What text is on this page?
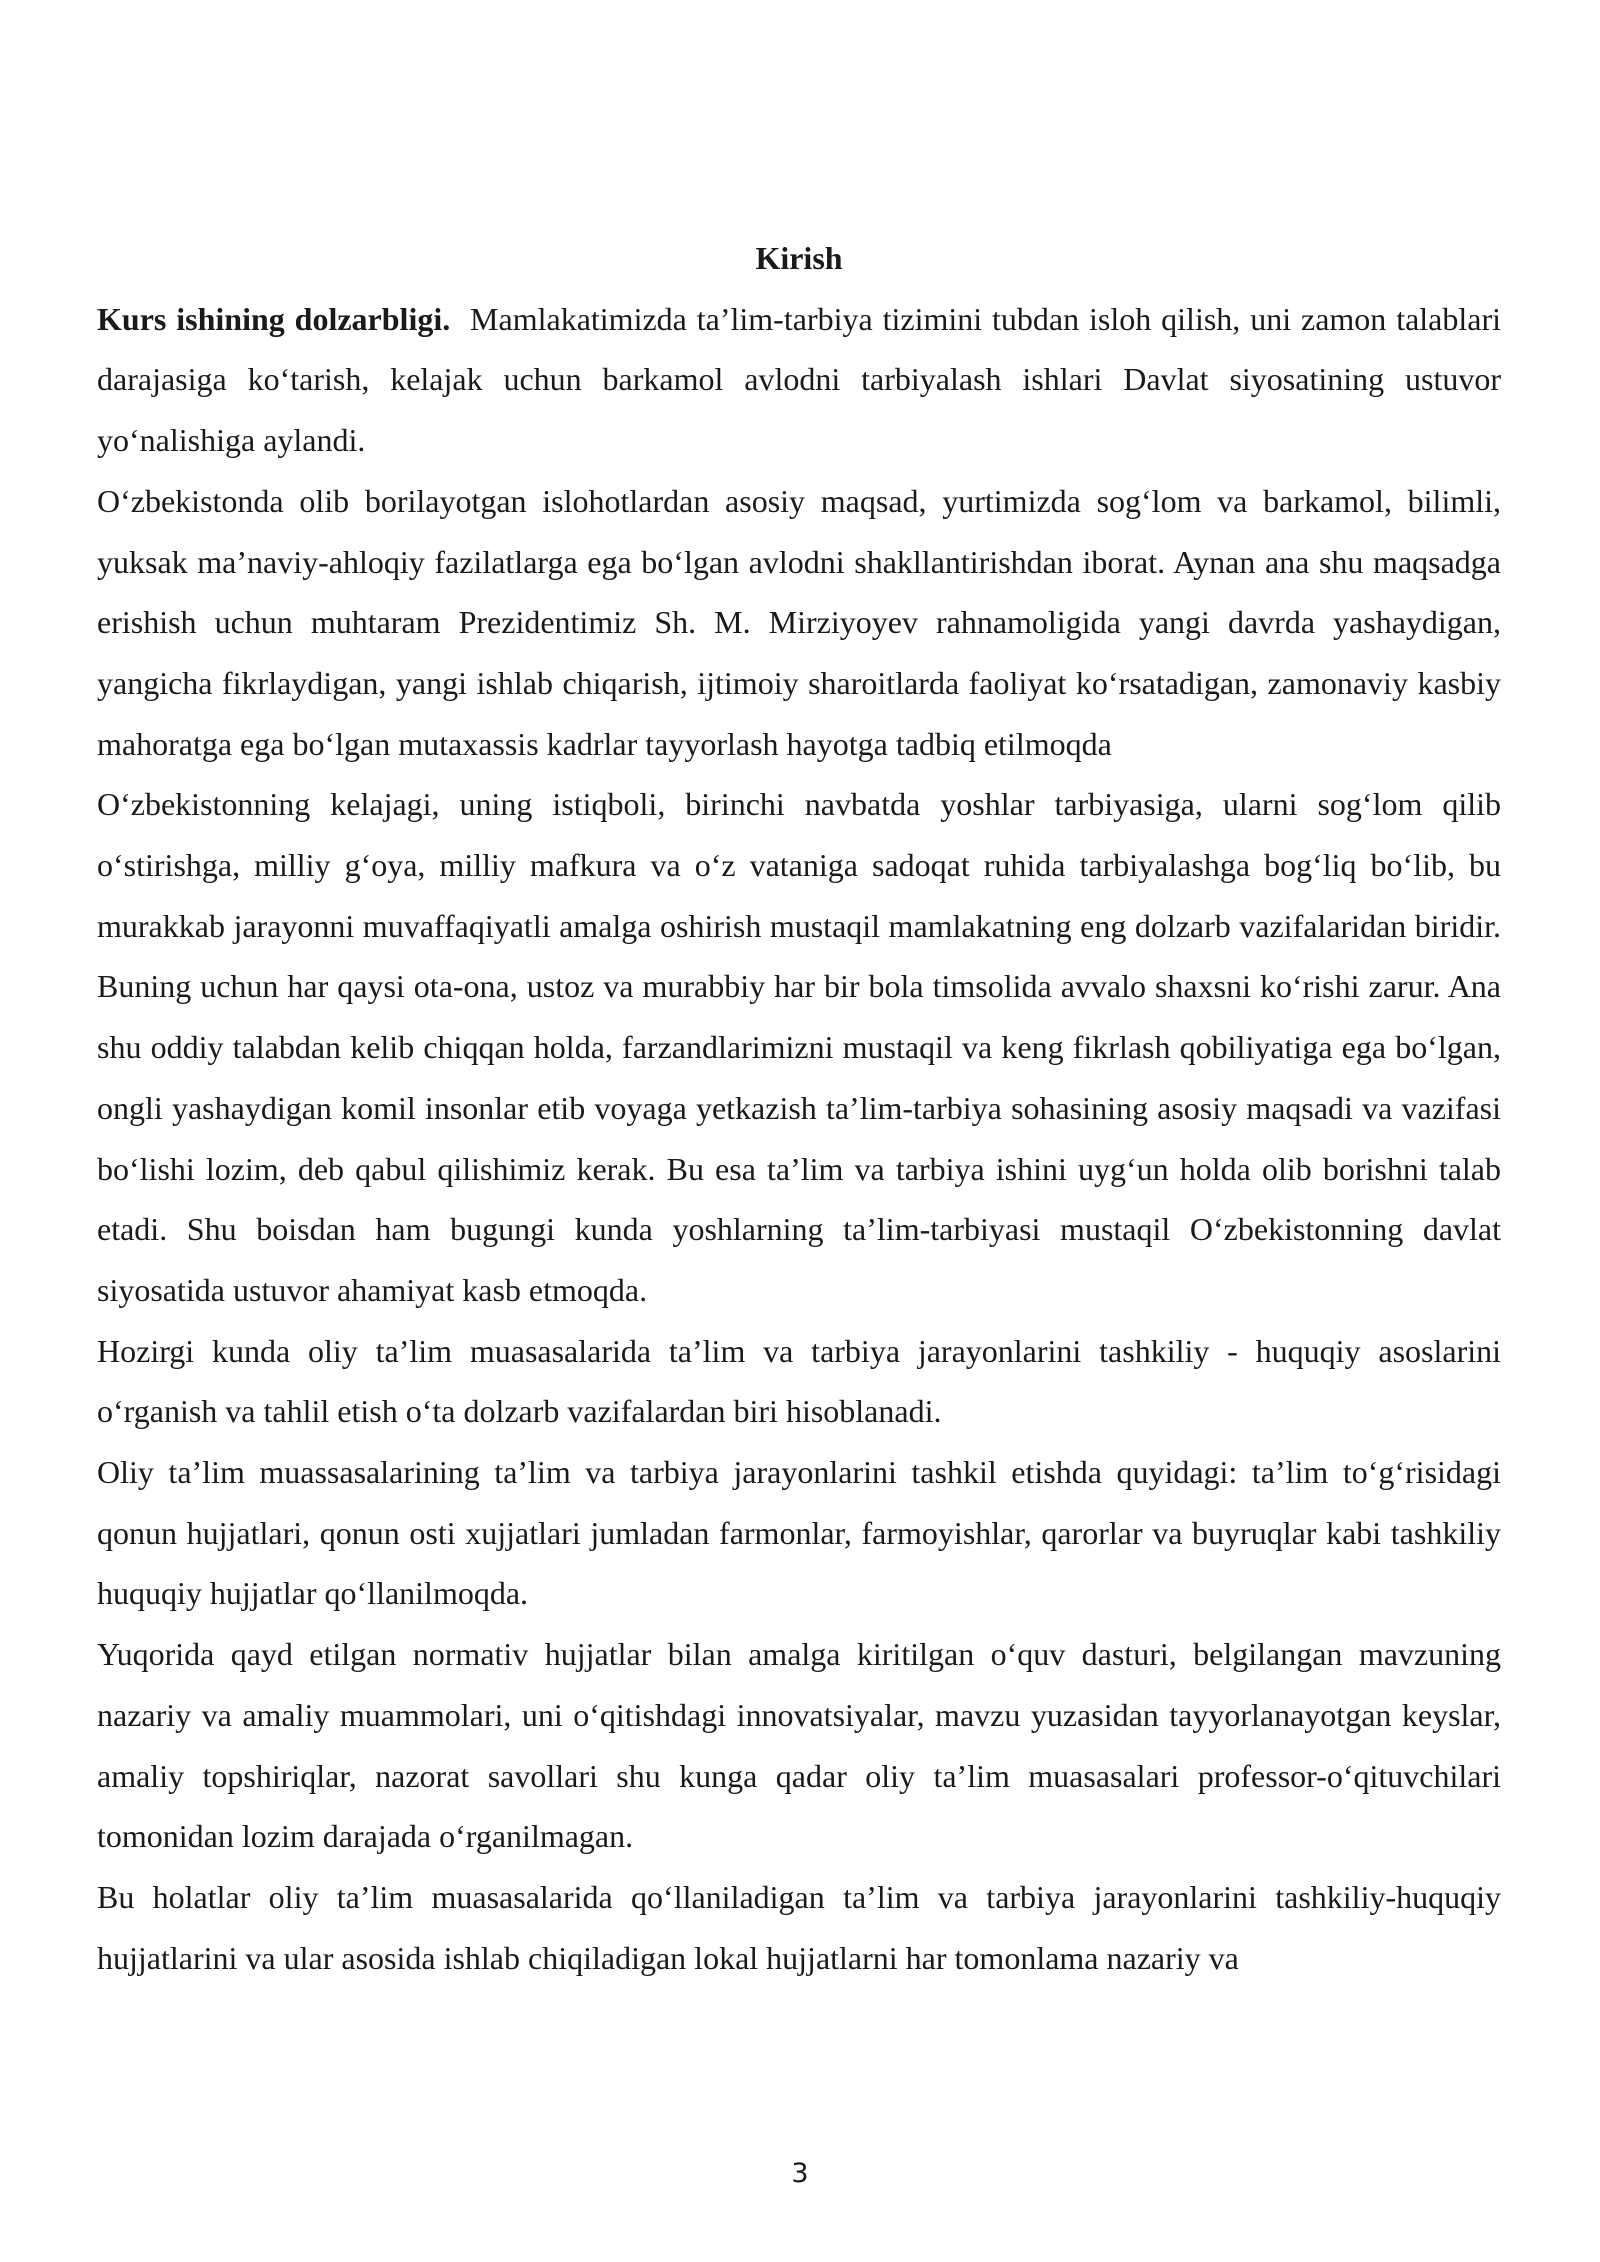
Kirish

Kurs ishining dolzarbligi. Mamlakatimizda ta’lim-tarbiya tizimini tubdan isloh qilish, uni zamon talablari darajasiga ko‘tarish, kelajak uchun barkamol avlodni tarbiyalash ishlari Davlat siyosatining ustuvor yo‘nalishiga aylandi.

O‘zbekistonda olib borilayotgan islohotlardan asosiy maqsad, yurtimizda sog‘lom va barkamol, bilimli, yuksak ma’naviy-ahloqiy fazilatlarga ega bo‘lgan avlodni shakllantirishdan iborat. Aynan ana shu maqsadga erishish uchun muhtaram Prezidentimiz Sh. M. Mirziyoyev rahnamoligida yangi davrda yashaydigan, yangicha fikrlaydigan, yangi ishlab chiqarish, ijtimoiy sharoitlarda faoliyat ko‘rsatadigan, zamonaviy kasbiy mahoratga ega bo‘lgan mutaxassis kadrlar tayyorlash hayotga tadbiq etilmoqda

O‘zbekistonning kelajagi, uning istiqboli, birinchi navbatda yoshlar tarbiyasiga, ularni sog‘lom qilib o‘stirishga, milliy g‘oya, milliy mafkura va o‘z vataniga sadoqat ruhida tarbiyalashga bog‘liq bo‘lib, bu murakkab jarayonni muvaffaqiyatli amalga oshirish mustaqil mamlakatning eng dolzarb vazifalaridan biridir. Buning uchun har qaysi ota-ona, ustoz va murabbiy har bir bola timsolida avvalo shaxsni ko‘rishi zarur. Ana shu oddiy talabdan kelib chiqqan holda, farzandlarimizni mustaqil va keng fikrlash qobiliyatiga ega bo‘lgan, ongli yashaydigan komil insonlar etib voyaga yetkazish ta’lim-tarbiya sohasining asosiy maqsadi va vazifasi bo‘lishi lozim, deb qabul qilishimiz kerak. Bu esa ta’lim va tarbiya ishini uyg‘un holda olib borishni talab etadi. Shu boisdan ham bugungi kunda yoshlarning ta’lim-tarbiyasi mustaqil O‘zbekistonning davlat siyosatida ustuvor ahamiyat kasb etmoqda.

Hozirgi kunda oliy ta’lim muasasalarida ta’lim va tarbiya jarayonlarini tashkiliy - huquqiy asoslarini o‘rganish va tahlil etish o‘ta dolzarb vazifalardan biri hisoblanadi.

Oliy ta’lim muassasalarining ta’lim va tarbiya jarayonlarini tashkil etishda quyidagi: ta’lim to‘g‘risidagi qonun hujjatlari, qonun osti xujjatlari jumladan farmonlar, farmoyishlar, qarorlar va buyruqlar kabi tashkiliy huquqiy hujjatlar qo‘llanilmoqda.

Yuqorida qayd etilgan normativ hujjatlar bilan amalga kiritilgan o‘quv dasturi, belgilangan mavzuning nazariy va amaliy muammolari, uni o‘qitishdagi innovatsiyalar, mavzu yuzasidan tayyorlanayotgan keyslar, amaliy topshiriqlar, nazorat savollari shu kunga qadar oliy ta’lim muasasalari professor-o‘qituvchilari tomonidan lozim darajada o‘rganilmagan.

Bu holatlar oliy ta’lim muasasalarida qo‘llaniladigan ta’lim va tarbiya jarayonlarini tashkiliy-huquqiy hujjatlarini va ular asosida ishlab chiqiladigan lokal hujjatlarni har tomonlama nazariy va

3
